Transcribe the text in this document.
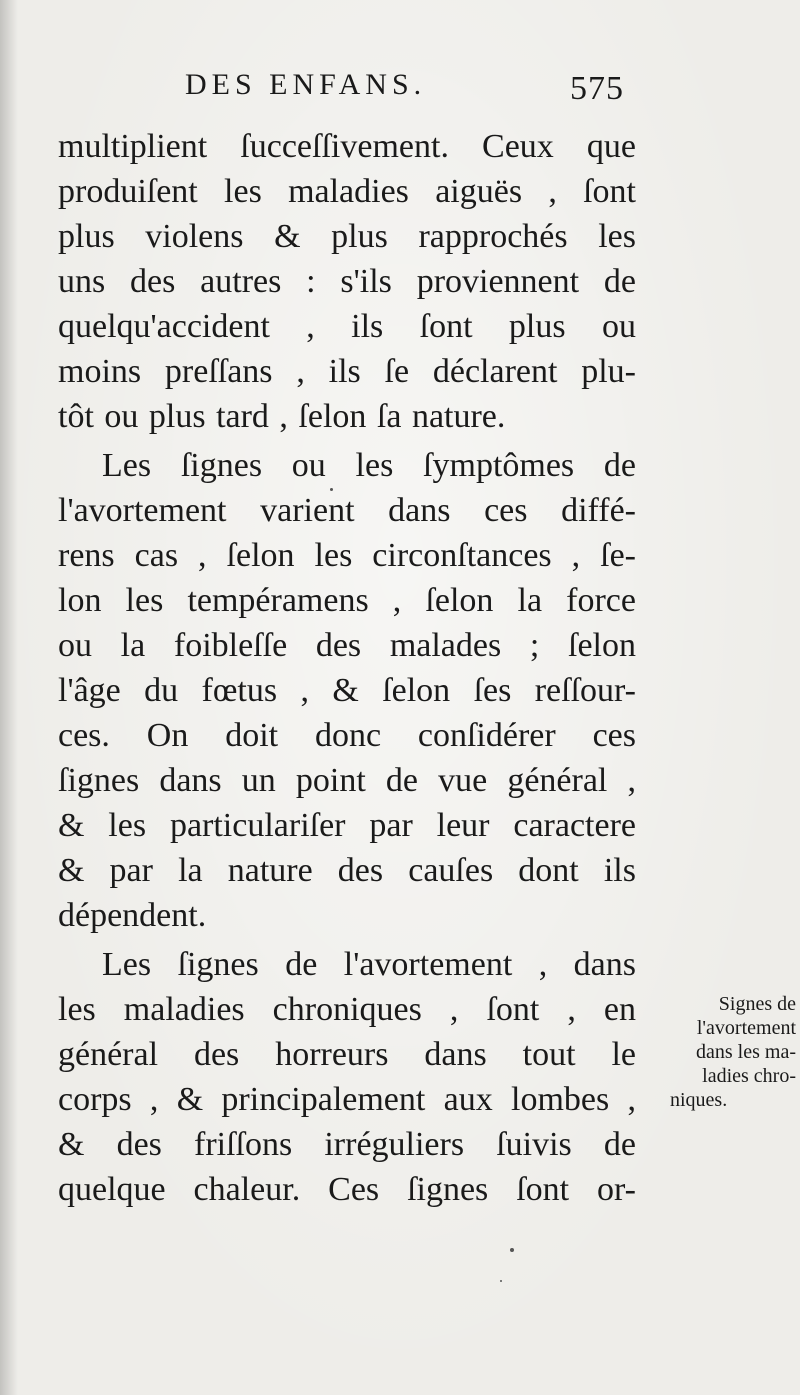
DES ENFANS.	575
multiplient ſucceſſivement. Ceux que
produiſent les maladies aiguës , ſont
plus violens & plus rapprochés les
uns des autres : s'ils proviennent de
quelqu'accident , ils ſont plus ou
moins preſſans , ils ſe déclarent plu-
tôt ou plus tard , ſelon ſa nature.
Les ſignes ou les ſymptômes de
l'avortement varient dans ces diffé-
rens cas , ſelon les circonſtances , ſe-
lon les tempéramens , ſelon la force
ou la foibleſſe des malades ; ſelon
l'âge du fœtus , & ſelon ſes reſſour-
ces. On doit donc conſidérer ces
ſignes dans un point de vue général ,
& les particulariſer par leur caractere
& par la nature des cauſes dont ils
dépendent.
Les ſignes de l'avortement , dans
les maladies chroniques , ſont , en
général des horreurs dans tout le
corps , & principalement aux lombes ,
& des friſſons irréguliers ſuivis de
quelque chaleur. Ces ſignes ſont or-
Signes de
l'avortement
dans les ma-
ladies chro-
niques.
